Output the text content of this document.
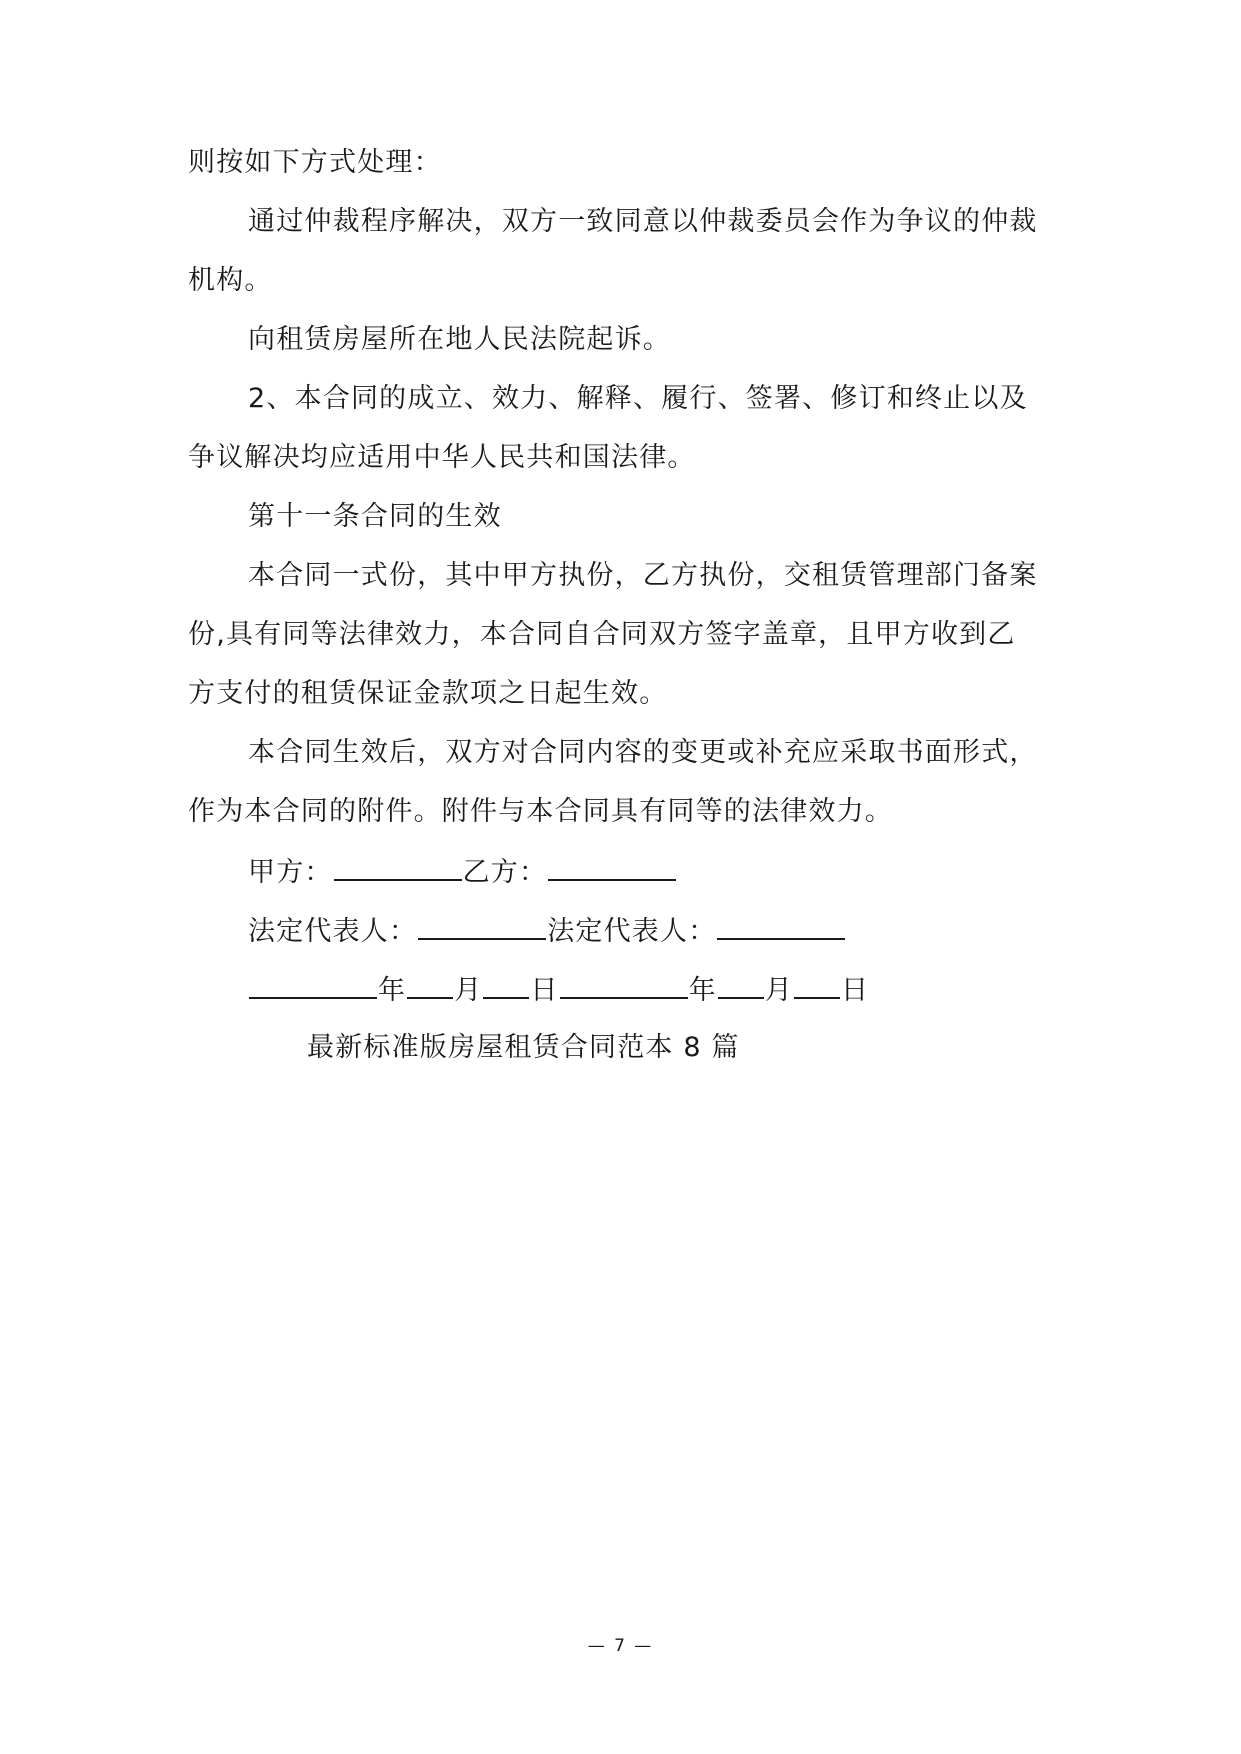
则按如下方式处理：
通过仲裁程序解决，双方一致同意以仲裁委员会作为争议的仲裁
机构。
向租赁房屋所在地人民法院起诉。
2、本合同的成立、效力、解释、履行、签署、修订和终止以及
争议解决均应适用中华人民共和国法律。
第十一条合同的生效
本合同一式份，其中甲方执份，乙方执份，交租赁管理部门备案
份,具有同等法律效力，本合同自合同双方签字盖章，且甲方收到乙
方支付的租赁保证金款项之日起生效。
本合同生效后，双方对合同内容的变更或补充应采取书面形式，
作为本合同的附件。附件与本合同具有同等的法律效力。
甲方：	乙方：
法定代表人：	法定代表人：
年 月 日	年 月 日
最新标准版房屋租赁合同范本 8 篇
— 7 —
